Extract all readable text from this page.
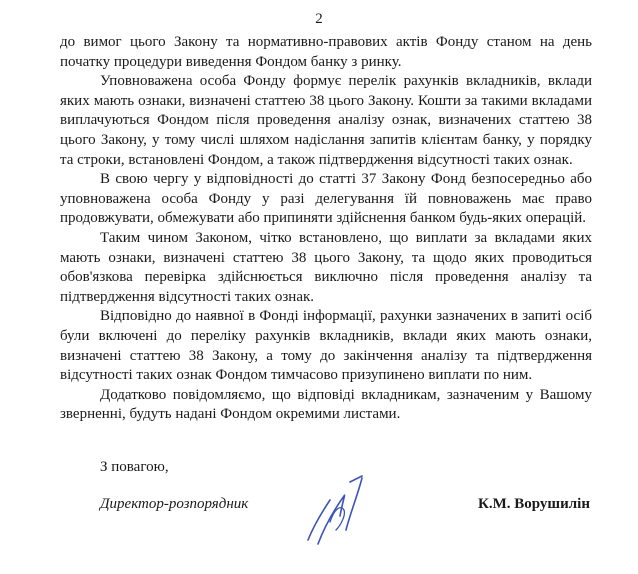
2

до вимог цього Закону та нормативно-правових актів Фонду станом на день початку процедури виведення Фондом банку з ринку.

Уповноважена особа Фонду формує перелік рахунків вкладників, вклади яких мають ознаки, визначені статтею 38 цього Закону. Кошти за такими вкладами виплачуються Фондом після проведення аналізу ознак, визначених статтею 38 цього Закону, у тому числі шляхом надіслання запитів клієнтам банку, у порядку та строки, встановлені Фондом, а також підтвердження відсутності таких ознак.

В свою чергу у відповідності до статті 37 Закону Фонд безпосередньо або уповноважена особа Фонду у разі делегування їй повноважень має право продовжувати, обмежувати або припиняти здійснення банком будь-яких операцій.

Таким чином Законом, чітко встановлено, що виплати за вкладами яких мають ознаки, визначені статтею 38 цього Закону, та щодо яких проводиться обов'язкова перевірка здійснюється виключно після проведення аналізу та підтвердження відсутності таких ознак.

Відповідно до наявної в Фонді інформації, рахунки зазначених в запиті осіб були включені до переліку рахунків вкладників, вклади яких мають ознаки, визначені статтею 38 Закону, а тому до закінчення аналізу та підтвердження відсутності таких ознак Фондом тимчасово призупинено виплати по ним.

Додатково повідомляємо, що відповіді вкладникам, зазначеним у Вашому зверненні, будуть надані Фондом окремими листами.

З повагою,
Директор-розпорядник	К.М. Ворушилін
